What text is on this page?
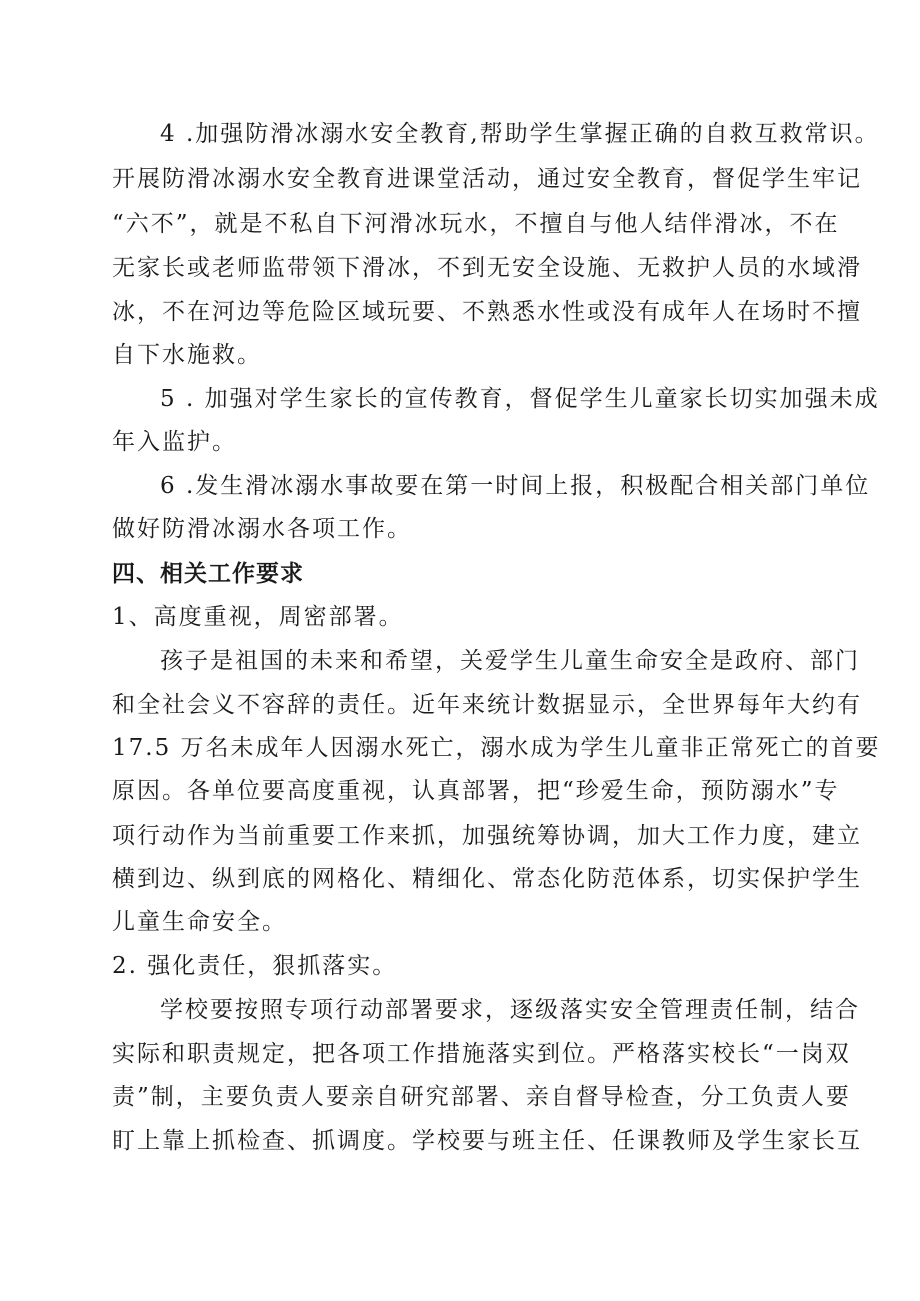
4 .加强防滑冰溺水安全教育,帮助学生掌握正确的自救互救常识。
开展防滑冰溺水安全教育进课堂活动，通过安全教育，督促学生牢记
“六不”，就是不私自下河滑冰玩水，不擅自与他人结伴滑冰，不在
无家长或老师监带领下滑冰，不到无安全设施、无救护人员的水域滑
冰，不在河边等危险区域玩要、不熟悉水性或没有成年人在场时不擅
自下水施救。
5 . 加强对学生家长的宣传教育，督促学生儿童家长切实加强未成
年入监护。
6 .发生滑冰溺水事故要在第一时间上报，积极配合相关部门单位
做好防滑冰溺水各项工作。
四、相关工作要求
1、高度重视，周密部署。
孩子是祖国的未来和希望，关爱学生儿童生命安全是政府、部门
和全社会义不容辞的责任。近年来统计数据显示，全世界每年大约有
17.5 万名未成年人因溺水死亡，溺水成为学生儿童非正常死亡的首要
原因。各单位要高度重视，认真部署，把“珍爱生命，预防溺水”专
项行动作为当前重要工作来抓，加强统筹协调，加大工作力度，建立
横到边、纵到底的网格化、精细化、常态化防范体系，切实保护学生
儿童生命安全。
2. 强化责任，狠抓落实。
学校要按照专项行动部署要求，逐级落实安全管理责任制，结合
实际和职责规定，把各项工作措施落实到位。严格落实校长“一岗双
责”制，主要负责人要亲自研究部署、亲自督导检查，分工负责人要
盯上靠上抓检查、抓调度。学校要与班主任、任课教师及学生家长互
